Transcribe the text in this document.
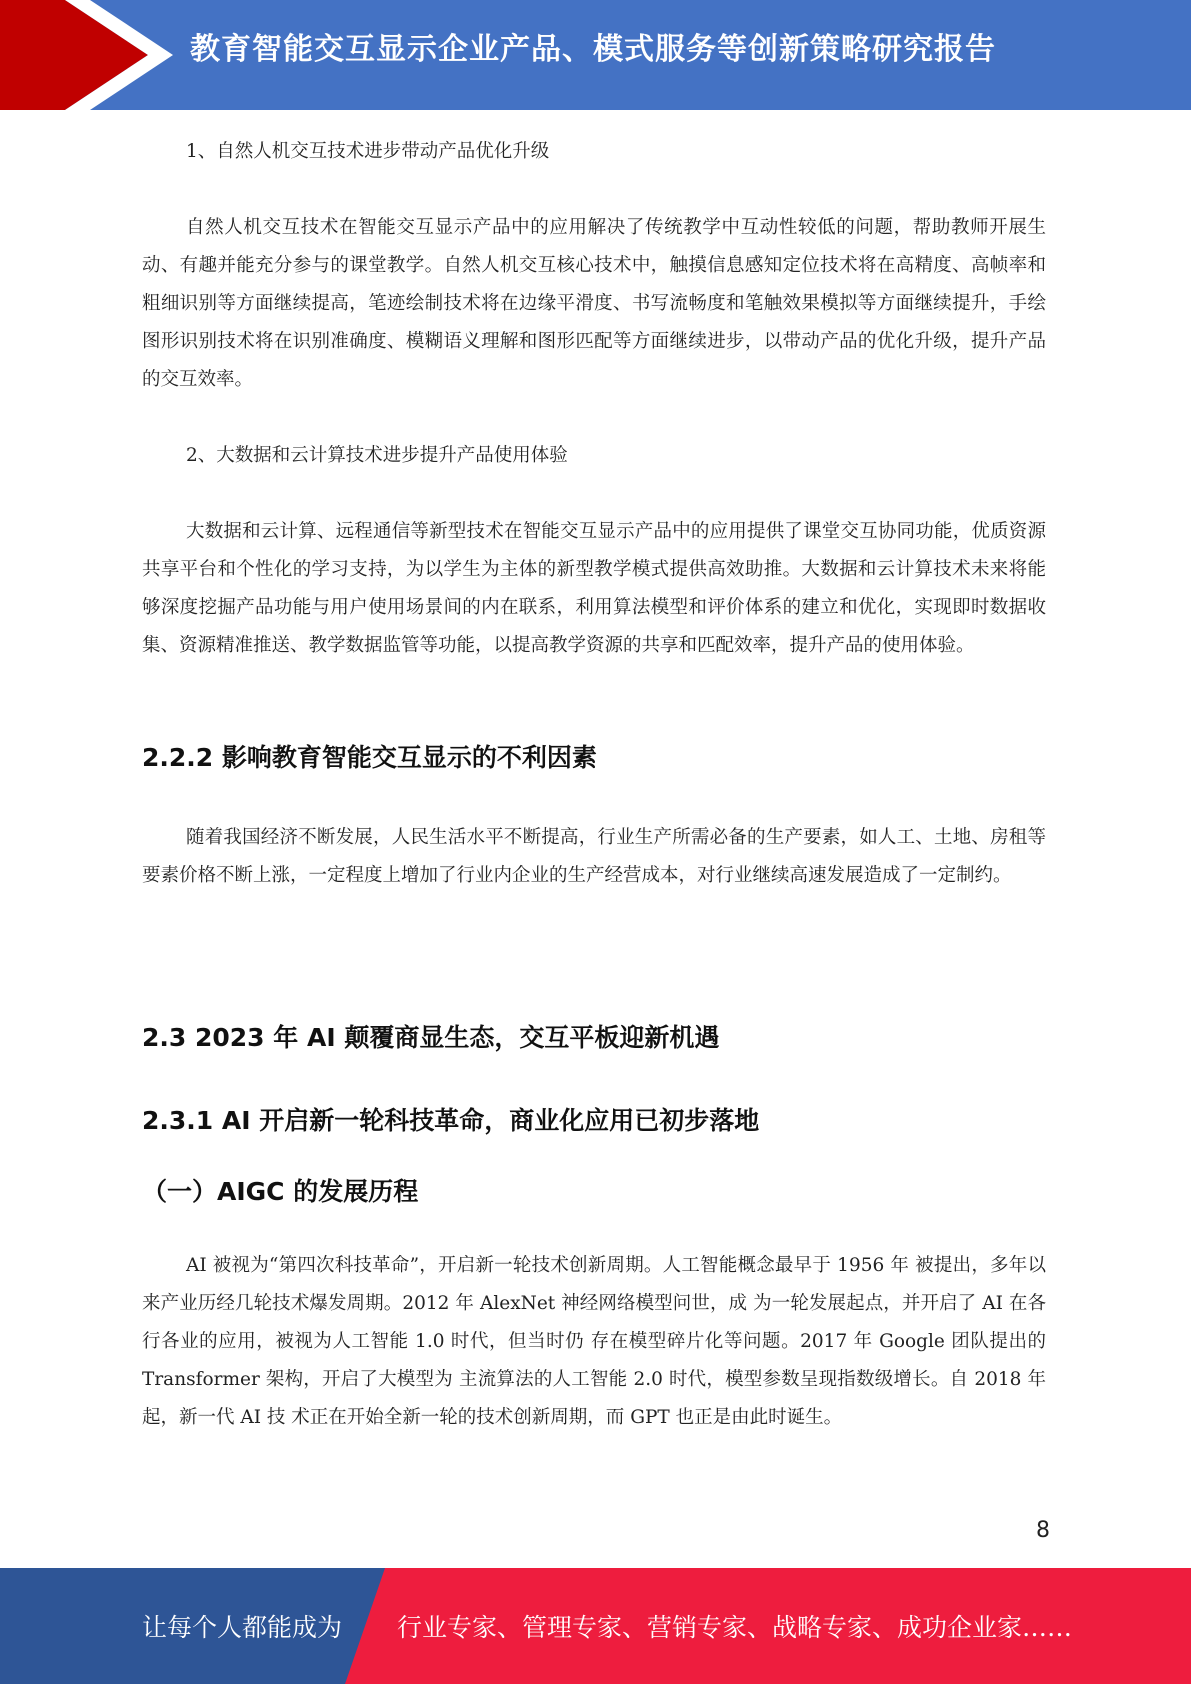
教育智能交互显示企业产品、模式服务等创新策略研究报告

1、自然人机交互技术进步带动产品优化升级

自然人机交互技术在智能交互显示产品中的应用解决了传统教学中互动性较低的问题，帮助教师开展生动、有趣并能充分参与的课堂教学。自然人机交互核心技术中，触摸信息感知定位技术将在高精度、高帧率和粗细识别等方面继续提高，笔迹绘制技术将在边缘平滑度、书写流畅度和笔触效果模拟等方面继续提升，手绘图形识别技术将在识别准确度、模糊语义理解和图形匹配等方面继续进步，以带动产品的优化升级，提升产品的交互效率。

2、大数据和云计算技术进步提升产品使用体验

大数据和云计算、远程通信等新型技术在智能交互显示产品中的应用提供了课堂交互协同功能，优质资源共享平台和个性化的学习支持，为以学生为主体的新型教学模式提供高效助推。大数据和云计算技术未来将能够深度挖掘产品功能与用户使用场景间的内在联系，利用算法模型和评价体系的建立和优化，实现即时数据收集、资源精准推送、教学数据监管等功能，以提高教学资源的共享和匹配效率，提升产品的使用体验。

2.2.2 影响教育智能交互显示的不利因素

随着我国经济不断发展，人民生活水平不断提高，行业生产所需必备的生产要素，如人工、土地、房租等要素价格不断上涨，一定程度上增加了行业内企业的生产经营成本，对行业继续高速发展造成了一定制约。

2.3 2023 年 AI 颠覆商显生态，交互平板迎新机遇
2.3.1 AI 开启新一轮科技革命，商业化应用已初步落地
（一）AIGC 的发展历程

AI 被视为“第四次科技革命”，开启新一轮技术创新周期。人工智能概念最早于 1956 年 被提出，多年以来产业历经几轮技术爆发周期。2012 年 AlexNet 神经网络模型问世，成 为一轮发展起点，并开启了 AI 在各行各业的应用，被视为人工智能 1.0 时代，但当时仍 存在模型碎片化等问题。2017 年 Google 团队提出的 Transformer 架构，开启了大模型为 主流算法的人工智能 2.0 时代，模型参数呈现指数级增长。自 2018 年起，新一代 AI 技 术正在开始全新一轮的技术创新周期，而 GPT 也正是由此时诞生。

8
让每个人都能成为 行业专家、管理专家、营销专家、战略专家、成功企业家……
